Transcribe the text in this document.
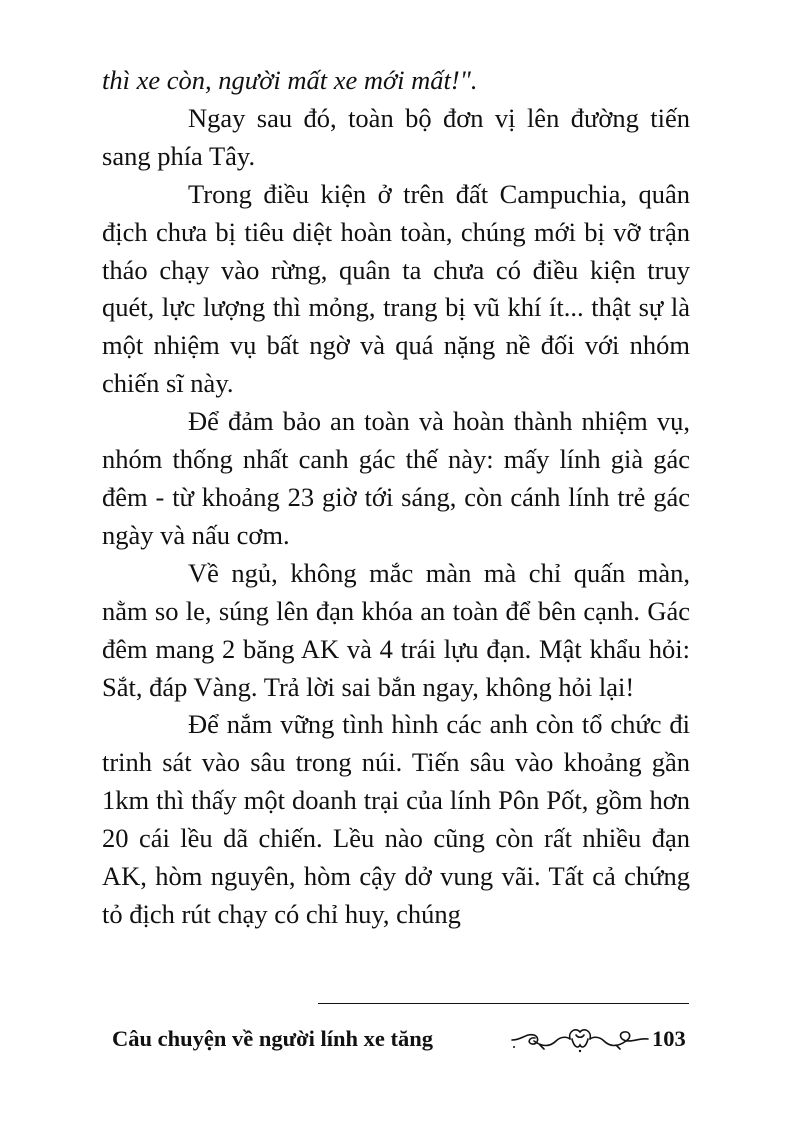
thì xe còn, người mất xe mới mất!".

Ngay sau đó, toàn bộ đơn vị lên đường tiến sang phía Tây.

Trong điều kiện ở trên đất Campuchia, quân địch chưa bị tiêu diệt hoàn toàn, chúng mới bị vỡ trận tháo chạy vào rừng, quân ta chưa có điều kiện truy quét, lực lượng thì mỏng, trang bị vũ khí ít... thật sự là một nhiệm vụ bất ngờ và quá nặng nề đối với nhóm chiến sĩ này.

Để đảm bảo an toàn và hoàn thành nhiệm vụ, nhóm thống nhất canh gác thế này: mấy lính già gác đêm - từ khoảng 23 giờ tới sáng, còn cánh lính trẻ gác ngày và nấu cơm.

Về ngủ, không mắc màn mà chỉ quấn màn, nằm so le, súng lên đạn khóa an toàn để bên cạnh. Gác đêm mang 2 băng AK và 4 trái lựu đạn. Mật khẩu hỏi: Sắt, đáp Vàng. Trả lời sai bắn ngay, không hỏi lại!

Để nắm vững tình hình các anh còn tổ chức đi trinh sát vào sâu trong núi. Tiến sâu vào khoảng gần 1km thì thấy một doanh trại của lính Pôn Pốt, gồm hơn 20 cái lều dã chiến. Lều nào cũng còn rất nhiều đạn AK, hòm nguyên, hòm cậy dở vung vãi. Tất cả chứng tỏ địch rút chạy có chỉ huy, chúng

Câu chuyện về người lính xe tăng	103
